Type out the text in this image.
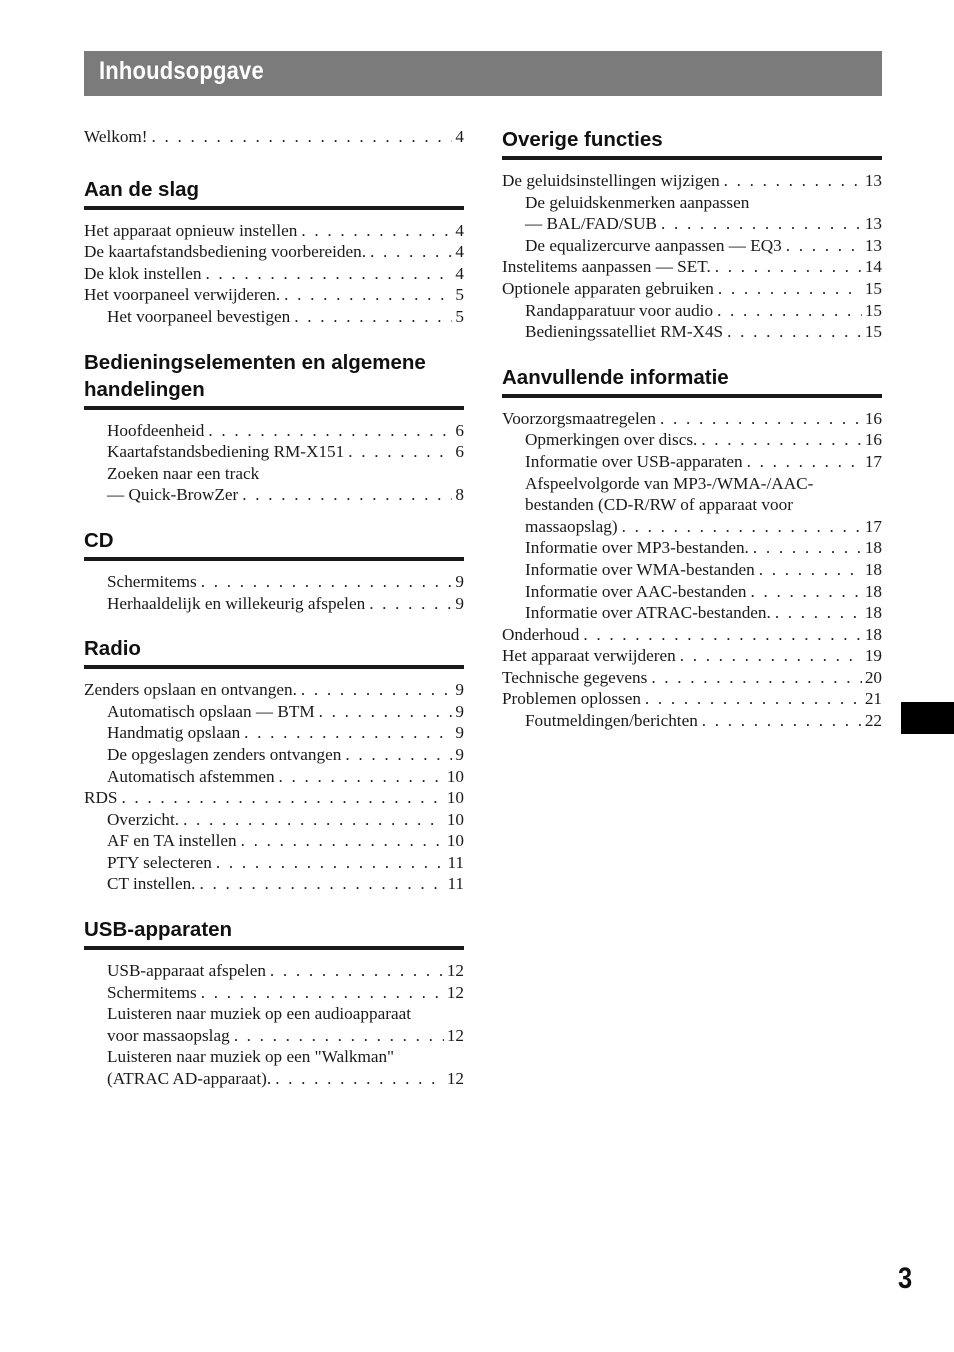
Inhoudsopgave
Welkom! . . .	4
Aan de slag
Het apparaat opnieuw instellen . . .	4
De kaartafstandsbediening voorbereiden. . . .	4
De klok instellen . . .	4
Het voorpaneel verwijderen. . . .	5
Het voorpaneel bevestigen . . .	5
Bedieningselementen en algemene
handelingen
Hoofdeenheid . . .	6
Kaartafstandsbediening RM-X151 . . .	6
Zoeken naar een track
— Quick-BrowZer . . .	8
CD
Schermitems . . .	9
Herhaaldelijk en willekeurig afspelen . . .	9
Radio
Zenders opslaan en ontvangen. . . .	9
Automatisch opslaan — BTM . . .	9
Handmatig opslaan . . .	9
De opgeslagen zenders ontvangen . . .	9
Automatisch afstemmen . . .	10
RDS . . .	10
Overzicht. . . .	10
AF en TA instellen . . .	10
PTY selecteren . . .	11
CT instellen. . . .	11
USB-apparaten
USB-apparaat afspelen . . .	12
Schermitems . . .	12
Luisteren naar muziek op een audioapparaat
voor massaopslag . . .	12
Luisteren naar muziek op een "Walkman"
(ATRAC AD-apparaat). . . .	12
Overige functies
De geluidsinstellingen wijzigen . . .	13
De geluidskenmerken aanpassen
— BAL/FAD/SUB . . .	13
De equalizercurve aanpassen — EQ3 . . .	13
Instelitems aanpassen — SET. . . .	14
Optionele apparaten gebruiken . . .	15
Randapparatuur voor audio . . .	15
Bedieningssatelliet RM-X4S . . .	15
Aanvullende informatie
Voorzorgsmaatregelen . . .	16
Opmerkingen over discs. . . .	16
Informatie over USB-apparaten . . .	17
Afspeelvolgorde van MP3-/WMA-/AAC-
bestanden (CD-R/RW of apparaat voor
massaopslag) . . .	17
Informatie over MP3-bestanden. . . .	18
Informatie over WMA-bestanden . . .	18
Informatie over AAC-bestanden . . .	18
Informatie over ATRAC-bestanden. . . .	18
Onderhoud . . .	18
Het apparaat verwijderen . . .	19
Technische gegevens . . .	20
Problemen oplossen . . .	21
Foutmeldingen/berichten . . .	22
3
